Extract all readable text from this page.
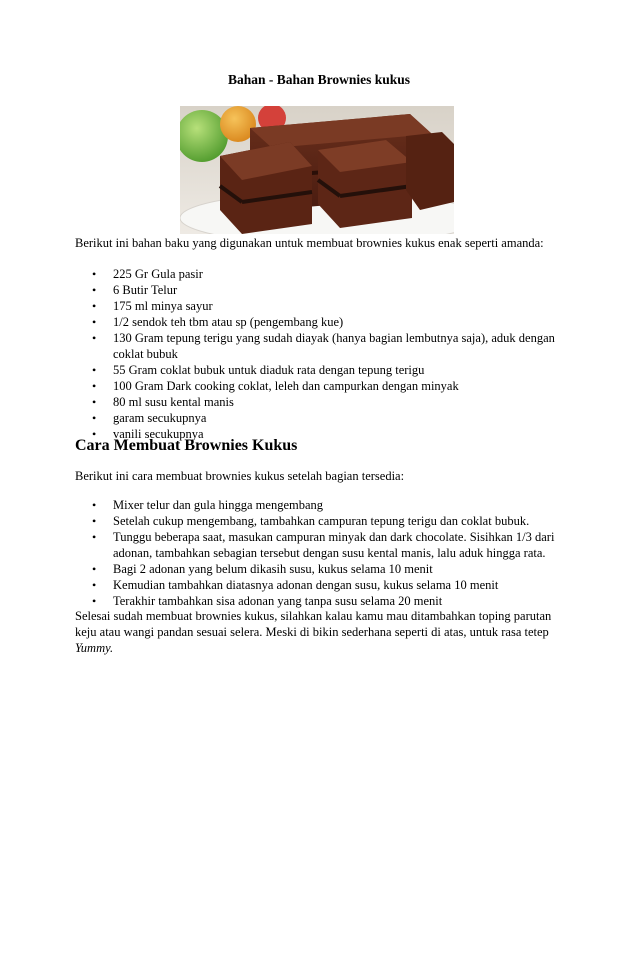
Bahan - Bahan Brownies kukus
Berikut ini bahan baku yang digunakan untuk membuat brownies kukus enak seperti amanda:
• 225 Gr Gula pasir
• 6 Butir Telur
• 175 ml minya sayur
• 1/2 sendok teh tbm atau sp (pengembang kue)
• 130 Gram tepung terigu yang sudah diayak (hanya bagian lembutnya saja), aduk dengan coklat bubuk
• 55 Gram coklat bubuk untuk diaduk rata dengan tepung terigu
• 100 Gram Dark cooking coklat, leleh dan campurkan dengan minyak
• 80 ml susu kental manis
• garam secukupnya
• vanili secukupnya
Cara Membuat Brownies Kukus
Berikut ini cara membuat brownies kukus setelah bagian tersedia:
• Mixer telur dan gula hingga mengembang
• Setelah cukup mengembang, tambahkan campuran tepung terigu dan coklat bubuk.
• Tunggu beberapa saat, masukan campuran minyak dan dark chocolate. Sisihkan 1/3 dari adonan, tambahkan sebagian tersebut dengan susu kental manis, lalu aduk hingga rata.
• Bagi 2 adonan yang belum dikasih susu, kukus selama 10 menit
• Kemudian tambahkan diatasnya adonan dengan susu, kukus selama 10 menit
• Terakhir tambahkan sisa adonan yang tanpa susu selama 20 menit
Selesai sudah membuat brownies kukus, silahkan kalau kamu mau ditambahkan toping parutan keju atau wangi pandan sesuai selera. Meski di bikin sederhana seperti di atas, untuk rasa tetep Yummy.
